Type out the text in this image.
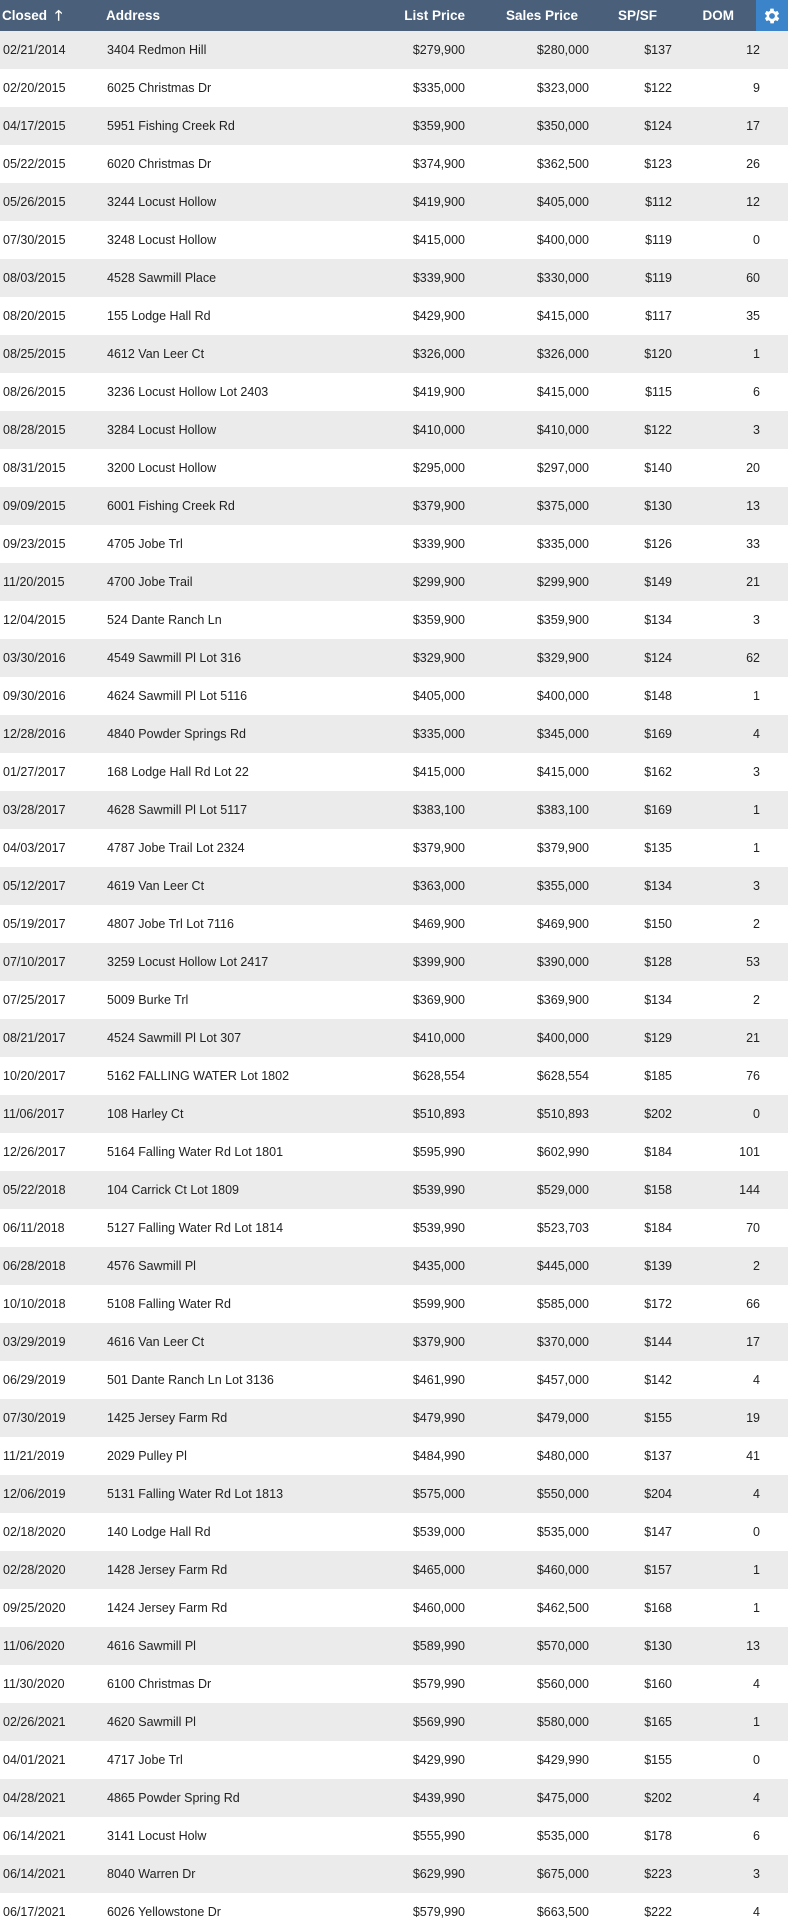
Closed 🡑	Address	List Price	Sales Price	SP/SF	DOM
02/21/2014	3404 Redmon Hill	$279,900	$280,000	$137	12
02/20/2015	6025 Christmas Dr	$335,000	$323,000	$122	9
04/17/2015	5951 Fishing Creek Rd	$359,900	$350,000	$124	17
05/22/2015	6020 Christmas Dr	$374,900	$362,500	$123	26
05/26/2015	3244 Locust Hollow	$419,900	$405,000	$112	12
07/30/2015	3248 Locust Hollow	$415,000	$400,000	$119	0
08/03/2015	4528 Sawmill Place	$339,900	$330,000	$119	60
08/20/2015	155 Lodge Hall Rd	$429,900	$415,000	$117	35
08/25/2015	4612 Van Leer Ct	$326,000	$326,000	$120	1
08/26/2015	3236 Locust Hollow Lot 2403	$419,900	$415,000	$115	6
08/28/2015	3284 Locust Hollow	$410,000	$410,000	$122	3
08/31/2015	3200 Locust Hollow	$295,000	$297,000	$140	20
09/09/2015	6001 Fishing Creek Rd	$379,900	$375,000	$130	13
09/23/2015	4705 Jobe Trl	$339,900	$335,000	$126	33
11/20/2015	4700 Jobe Trail	$299,900	$299,900	$149	21
12/04/2015	524 Dante Ranch Ln	$359,900	$359,900	$134	3
03/30/2016	4549 Sawmill Pl Lot 316	$329,900	$329,900	$124	62
09/30/2016	4624 Sawmill Pl Lot 5116	$405,000	$400,000	$148	1
12/28/2016	4840 Powder Springs Rd	$335,000	$345,000	$169	4
01/27/2017	168 Lodge Hall Rd Lot 22	$415,000	$415,000	$162	3
03/28/2017	4628 Sawmill Pl Lot 5117	$383,100	$383,100	$169	1
04/03/2017	4787 Jobe Trail Lot 2324	$379,900	$379,900	$135	1
05/12/2017	4619 Van Leer Ct	$363,000	$355,000	$134	3
05/19/2017	4807 Jobe Trl Lot 7116	$469,900	$469,900	$150	2
07/10/2017	3259 Locust Hollow Lot 2417	$399,900	$390,000	$128	53
07/25/2017	5009 Burke Trl	$369,900	$369,900	$134	2
08/21/2017	4524 Sawmill Pl Lot 307	$410,000	$400,000	$129	21
10/20/2017	5162 FALLING WATER Lot 1802	$628,554	$628,554	$185	76
11/06/2017	108 Harley Ct	$510,893	$510,893	$202	0
12/26/2017	5164 Falling Water Rd Lot 1801	$595,990	$602,990	$184	101
05/22/2018	104 Carrick Ct Lot 1809	$539,990	$529,000	$158	144
06/11/2018	5127 Falling Water Rd Lot 1814	$539,990	$523,703	$184	70
06/28/2018	4576 Sawmill Pl	$435,000	$445,000	$139	2
10/10/2018	5108 Falling Water Rd	$599,900	$585,000	$172	66
03/29/2019	4616 Van Leer Ct	$379,900	$370,000	$144	17
06/29/2019	501 Dante Ranch Ln Lot 3136	$461,990	$457,000	$142	4
07/30/2019	1425 Jersey Farm Rd	$479,990	$479,000	$155	19
11/21/2019	2029 Pulley Pl	$484,990	$480,000	$137	41
12/06/2019	5131 Falling Water Rd Lot 1813	$575,000	$550,000	$204	4
02/18/2020	140 Lodge Hall Rd	$539,000	$535,000	$147	0
02/28/2020	1428 Jersey Farm Rd	$465,000	$460,000	$157	1
09/25/2020	1424 Jersey Farm Rd	$460,000	$462,500	$168	1
11/06/2020	4616 Sawmill Pl	$589,990	$570,000	$130	13
11/30/2020	6100 Christmas Dr	$579,990	$560,000	$160	4
02/26/2021	4620 Sawmill Pl	$569,990	$580,000	$165	1
04/01/2021	4717 Jobe Trl	$429,990	$429,990	$155	0
04/28/2021	4865 Powder Spring Rd	$439,990	$475,000	$202	4
06/14/2021	3141 Locust Holw	$555,990	$535,000	$178	6
06/14/2021	8040 Warren Dr	$629,990	$675,000	$223	3
06/17/2021	6026 Yellowstone Dr	$579,990	$663,500	$222	4
